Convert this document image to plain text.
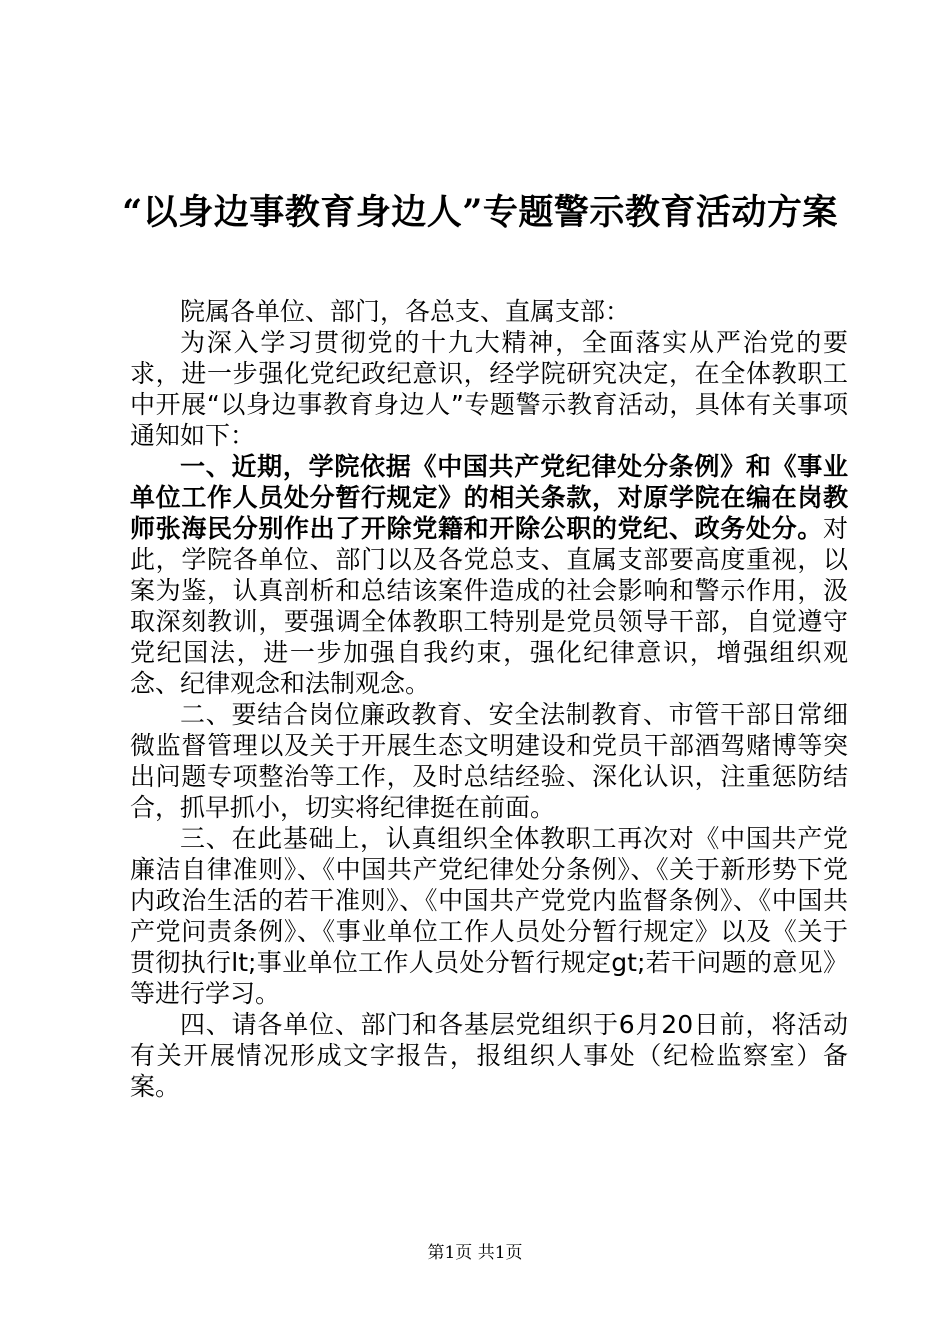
“以身边事教育身边人”专题警示教育活动方案

院属各单位、部门，各总支、直属支部：

为深入学习贯彻党的十九大精神，全面落实从严治党的要求，进一步强化党纪政纪意识，经学院研究决定，在全体教职工中开展“以身边事教育身边人”专题警示教育活动，具体有关事项通知如下：

一、近期，学院依据《中国共产党纪律处分条例》和《事业单位工作人员处分暂行规定》的相关条款，对原学院在编在岗教师张海民分别作出了开除党籍和开除公职的党纪、政务处分。对此，学院各单位、部门以及各党总支、直属支部要高度重视，以案为鉴，认真剖析和总结该案件造成的社会影响和警示作用，汲取深刻教训，要强调全体教职工特别是党员领导干部，自觉遵守党纪国法，进一步加强自我约束，强化纪律意识，增强组织观念、纪律观念和法制观念。

二、要结合岗位廉政教育、安全法制教育、市管干部日常细微监督管理以及关于开展生态文明建设和党员干部酒驾赌博等突出问题专项整治等工作，及时总结经验、深化认识，注重惩防结合，抓早抓小，切实将纪律挺在前面。

三、在此基础上，认真组织全体教职工再次对《中国共产党廉洁自律准则》、《中国共产党纪律处分条例》、《关于新形势下党内政治生活的若干准则》、《中国共产党党内监督条例》、《中国共产党问责条例》、《事业单位工作人员处分暂行规定》以及《关于贯彻执行lt;事业单位工作人员处分暂行规定gt;若干问题的意见》等进行学习。

四、请各单位、部门和各基层党组织于6月20日前，将活动有关开展情况形成文字报告，报组织人事处（纪检监察室）备案。

第1页 共1页
